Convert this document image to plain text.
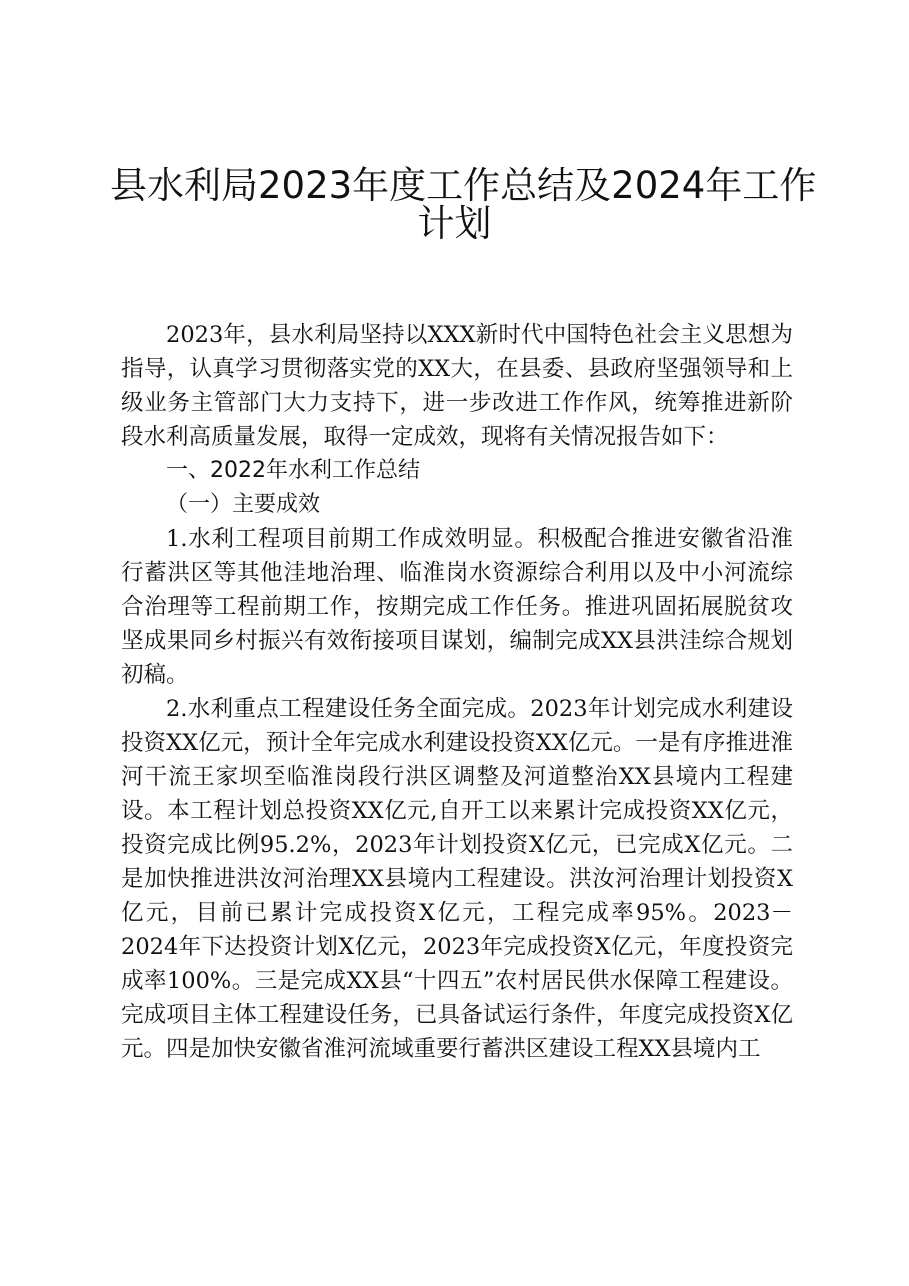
县水利局2023年度工作总结及2024年工作
计划

2023年，县水利局坚持以XXX新时代中国特色社会主义思想为指导，认真学习贯彻落实党的XX大，在县委、县政府坚强领导和上级业务主管部门大力支持下，进一步改进工作作风，统筹推进新阶段水利高质量发展，取得一定成效，现将有关情况报告如下：

一、2022年水利工作总结

（一）主要成效

1.水利工程项目前期工作成效明显。积极配合推进安徽省沿淮行蓄洪区等其他洼地治理、临淮岗水资源综合利用以及中小河流综合治理等工程前期工作，按期完成工作任务。推进巩固拓展脱贫攻坚成果同乡村振兴有效衔接项目谋划，编制完成XX县洪洼综合规划初稿。

2.水利重点工程建设任务全面完成。2023年计划完成水利建设投资XX亿元，预计全年完成水利建设投资XX亿元。一是有序推进淮河干流王家坝至临淮岗段行洪区调整及河道整治XX县境内工程建设。本工程计划总投资XX亿元,自开工以来累计完成投资XX亿元，投资完成比例95.2%，2023年计划投资X亿元，已完成X亿元。二是加快推进洪汝河治理XX县境内工程建设。洪汝河治理计划投资X亿元，目前已累计完成投资X亿元，工程完成率95%。2023－2024年下达投资计划X亿元，2023年完成投资X亿元，年度投资完成率100%。三是完成XX县“十四五”农村居民供水保障工程建设。完成项目主体工程建设任务，已具备试运行条件，年度完成投资X亿元。四是加快安徽省淮河流域重要行蓄洪区建设工程XX县境内工
